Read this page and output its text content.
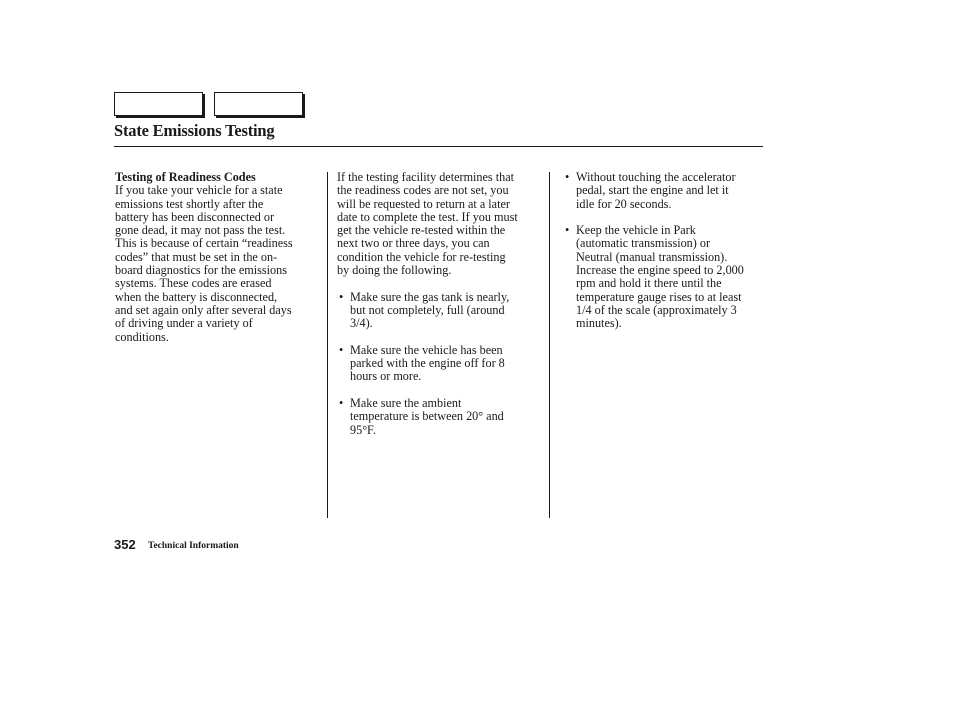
State Emissions Testing
Testing of Readiness Codes
If you take your vehicle for a state
emissions test shortly after the
battery has been disconnected or
gone dead, it may not pass the test.
This is because of certain “readiness
codes” that must be set in the on-
board diagnostics for the emissions
systems. These codes are erased
when the battery is disconnected,
and set again only after several days
of driving under a variety of
conditions.
If the testing facility determines that
the readiness codes are not set, you
will be requested to return at a later
date to complete the test. If you must
get the vehicle re-tested within the
next two or three days, you can
condition the vehicle for re-testing
by doing the following.
• Make sure the gas tank is nearly,
but not completely, full (around
3/4).
• Make sure the vehicle has been
parked with the engine off for 8
hours or more.
• Make sure the ambient
temperature is between 20° and
95°F.
• Without touching the accelerator
pedal, start the engine and let it
idle for 20 seconds.
• Keep the vehicle in Park
(automatic transmission) or
Neutral (manual transmission).
Increase the engine speed to 2,000
rpm and hold it there until the
temperature gauge rises to at least
1/4 of the scale (approximately 3
minutes).
352 Technical Information
